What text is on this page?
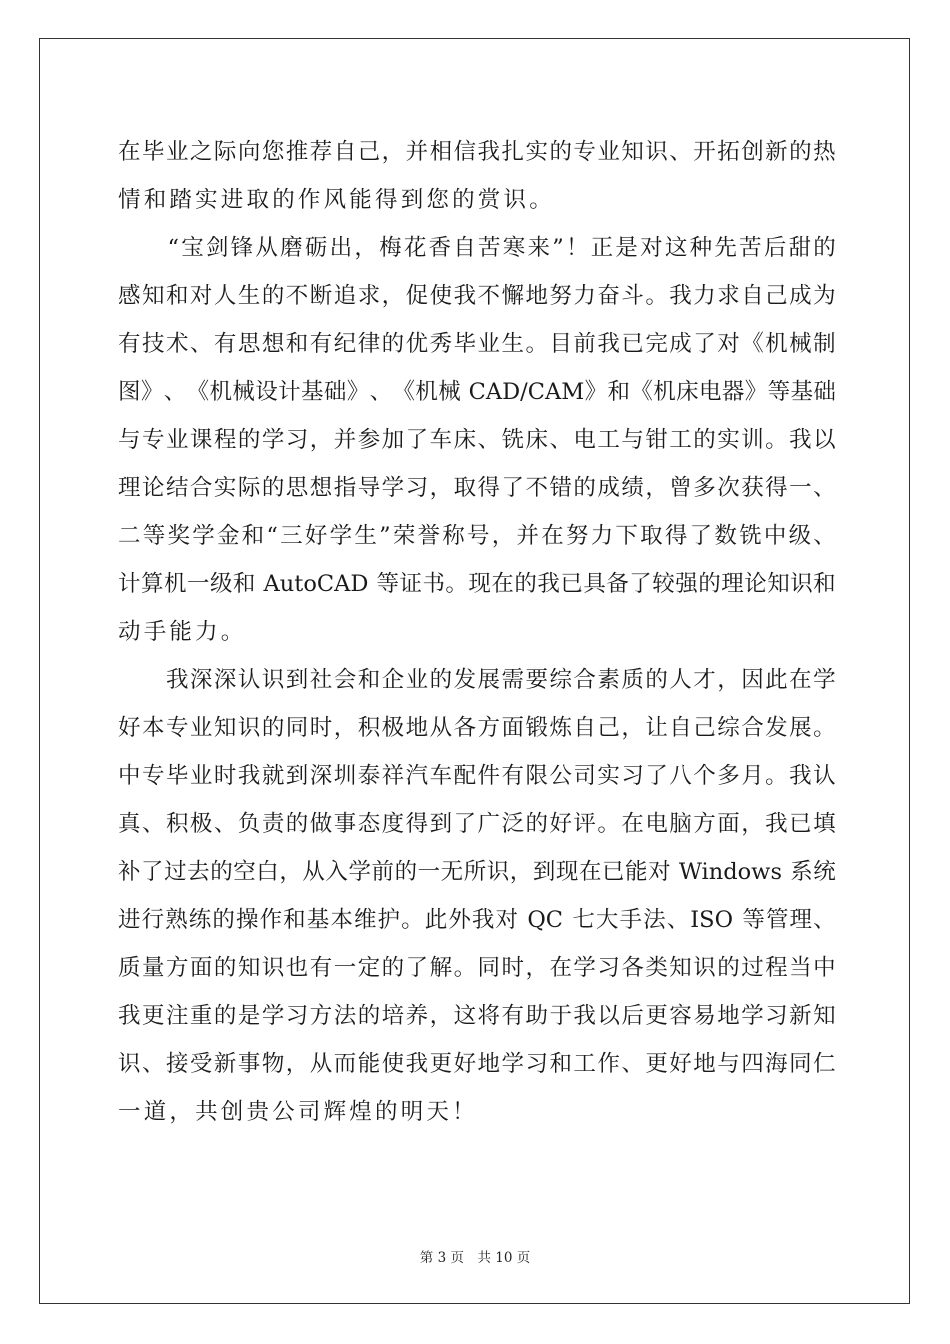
在 毕 业 之 际 向 您 推 荐 自 己 ， 并 相 信 我 扎 实 的 专 业 知 识 、 开 拓 创 新 的 热
情和踏实进取的作风能得到您的赏识。

“ 宝 剑 锋 从 磨 砺 出 ， 梅 花 香 自 苦 寒 来 ” ！ 正 是 对 这 种 先 苦 后 甜 的
感 知 和 对 人 生 的 不 断 追 求 ， 促 使 我 不 懈 地 努 力 奋 斗 。 我 力 求 自 己 成 为
有 技 术 、 有 思 想 和 有 纪 律 的 优 秀 毕 业 生 。 目 前 我 已 完 成 了 对 《 机 械 制
图 》 、 《 机 械 设 计 基 础 》 、 《 机 械
CAD/CAM 》 和 《 机 床 电 器 》 等 基 础
与 专 业 课 程 的 学 习 ， 并 参 加 了 车 床 、 铣 床 、 电 工 与 钳 工 的 实 训 。 我 以
理 论 结 合 实 际 的 思 想 指 导 学 习 ， 取 得 了 不 错 的 成 绩 ， 曾 多 次 获 得 一 、
二 等 奖 学 金 和 “ 三 好 学 生 ” 荣 誉 称 号 ， 并 在 努 力 下 取 得 了 数 铣 中 级 、
计 算 机 一 级 和
AutoCAD
等 证 书 。 现 在 的 我 已 具 备 了 较 强 的 理 论 知 识 和
动手能力。

我 深 深 认 识 到 社 会 和 企 业 的 发 展 需 要 综 合 素 质 的 人 才 ， 因 此 在 学
好 本 专 业 知 识 的 同 时 ， 积 极 地 从 各 方 面 锻 炼 自 己 ， 让 自 己 综 合 发 展 。
中 专 毕 业 时 我 就 到 深 圳 泰 祥 汽 车 配 件 有 限 公 司 实 习 了 八 个 多 月 。 我 认
真 、 积 极 、 负 责 的 做 事 态 度 得 到 了 广 泛 的 好 评 。 在 电 脑 方 面 ， 我 已 填
补 了 过 去 的 空 白 ， 从 入 学 前 的 一 无 所 识 ， 到 现 在 已 能 对
Windows
系 统
进 行 熟 练 的 操 作 和 基 本 维 护 。 此 外 我 对
QC
七 大 手 法 、 ISO
等 管 理 、
质 量 方 面 的 知 识 也 有 一 定 的 了 解 。 同 时 ， 在 学 习 各 类 知 识 的 过 程 当 中
我 更 注 重 的 是 学 习 方 法 的 培 养 ， 这 将 有 助 于 我 以 后 更 容 易 地 学 习 新 知
识 、 接 受 新 事 物 ， 从 而 能 使 我 更 好 地 学 习 和 工 作 、 更 好 地 与 四 海 同 仁
一道，共创贵公司辉煌的明天！
第 3 页　共 10 页
